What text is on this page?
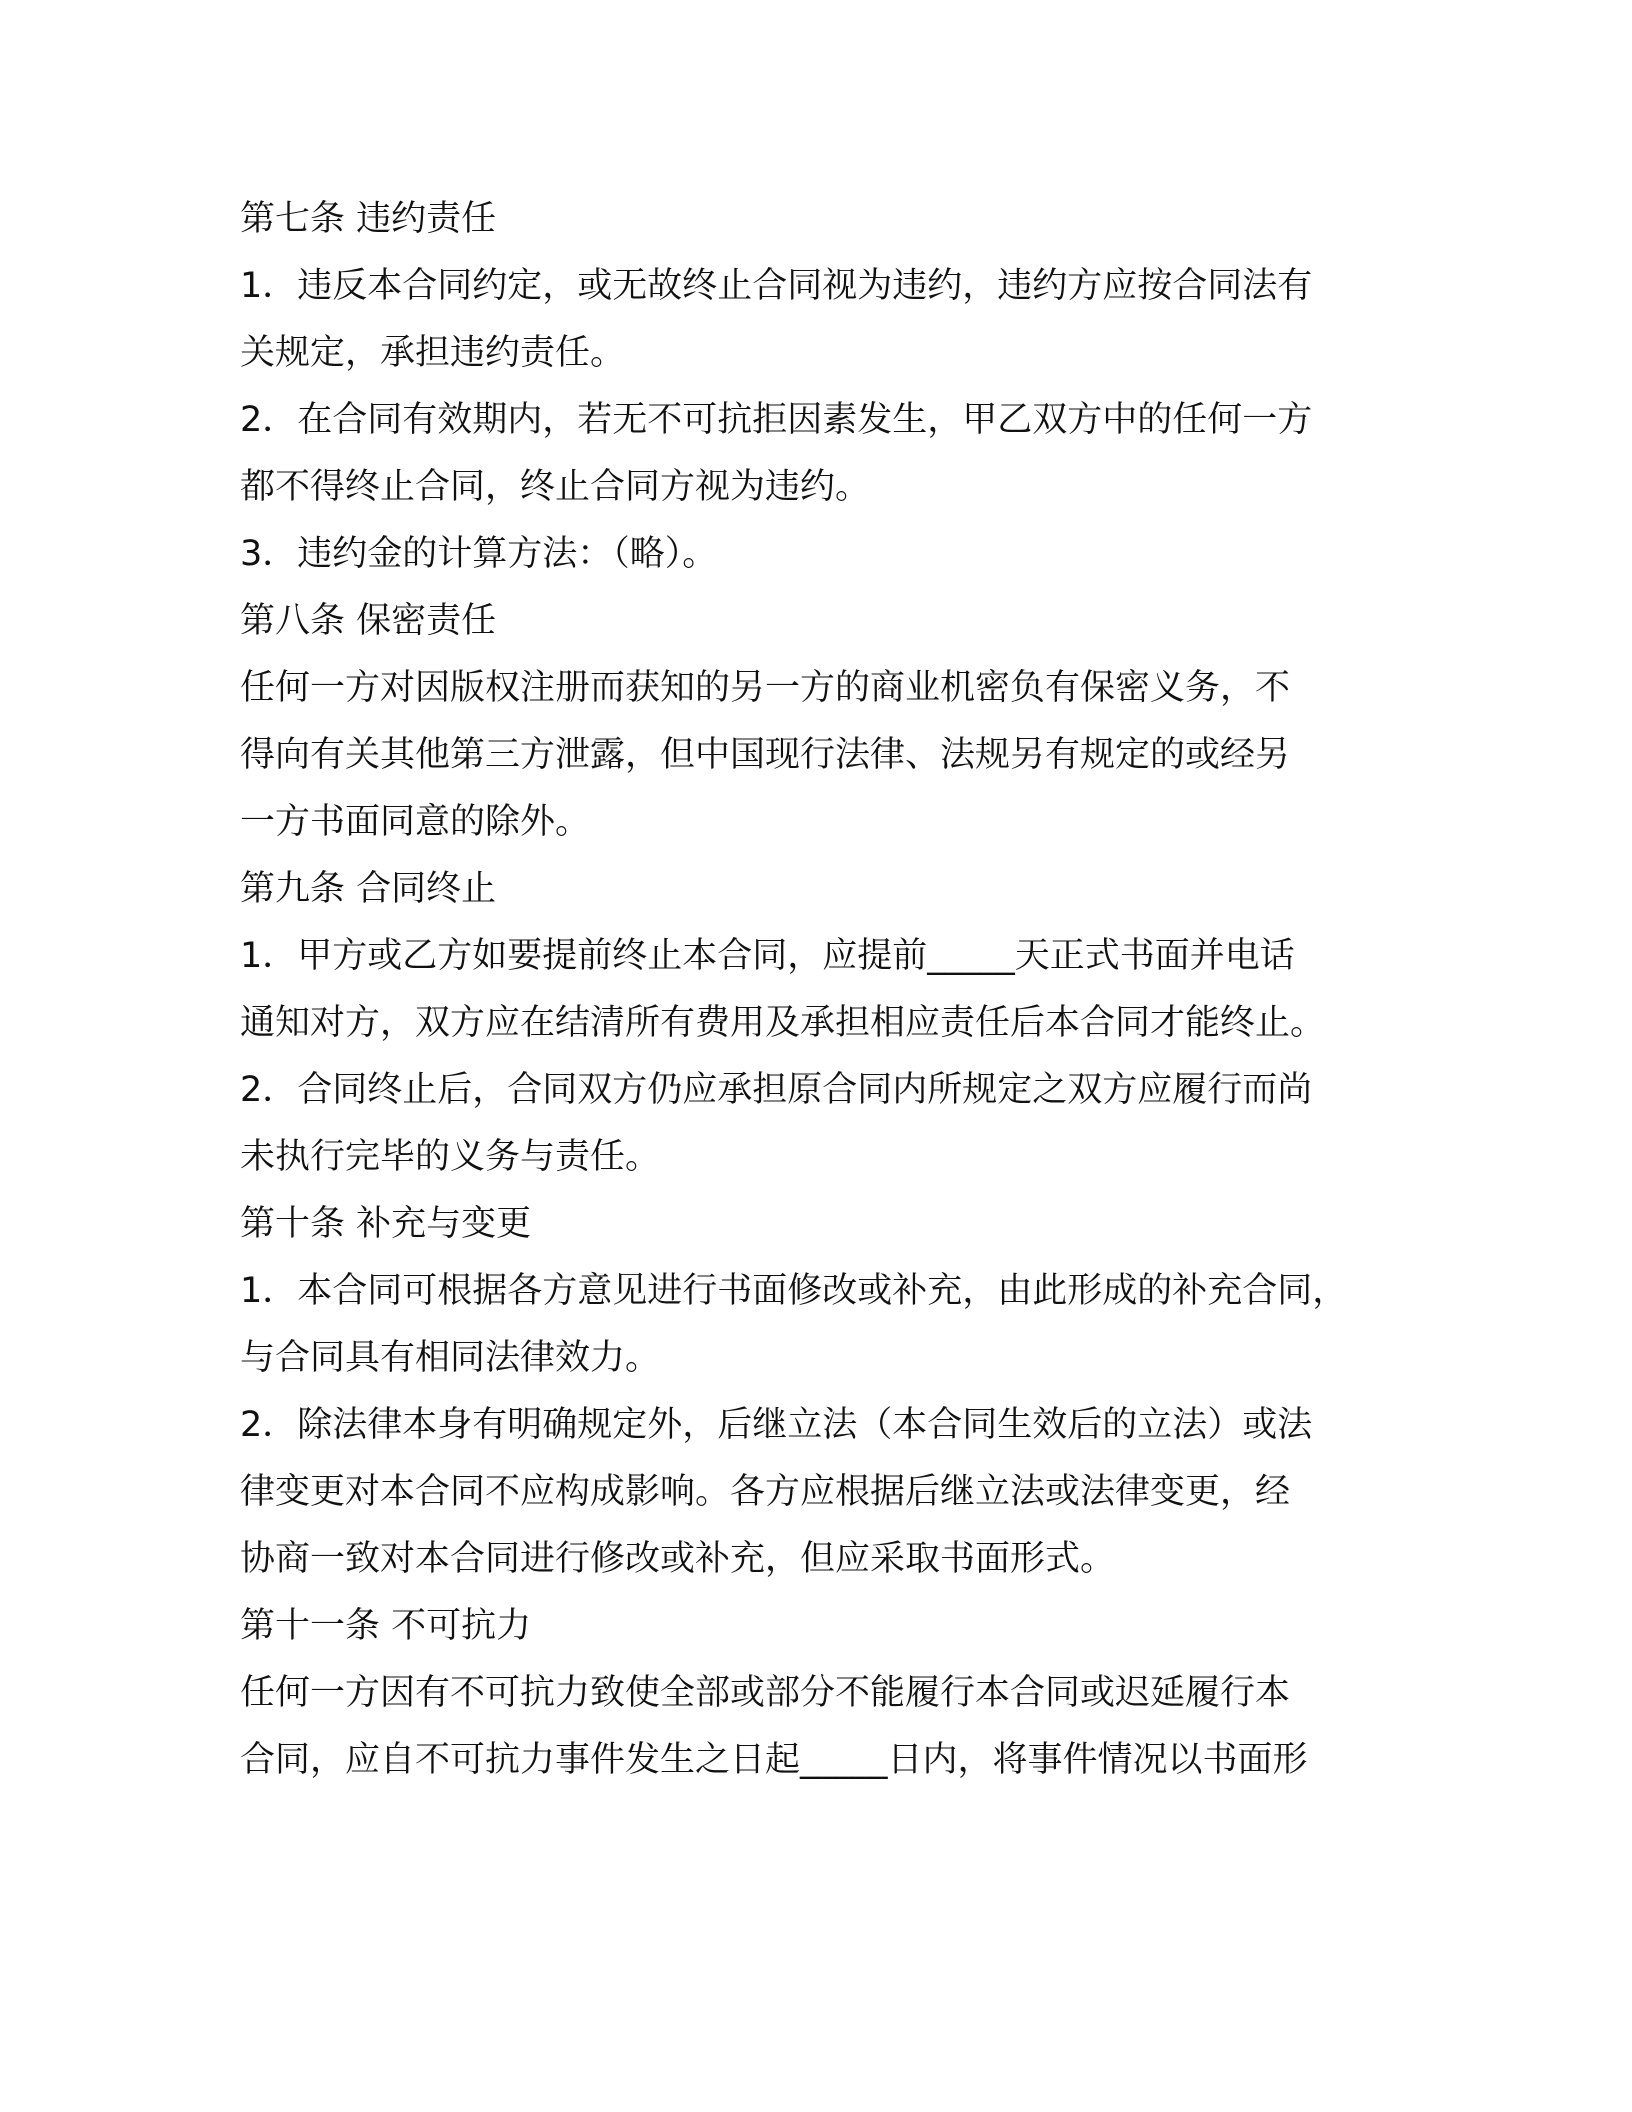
第七条 违约责任
1．违反本合同约定，或无故终止合同视为违约，违约方应按合同法有
关规定，承担违约责任。
2．在合同有效期内，若无不可抗拒因素发生，甲乙双方中的任何一方
都不得终止合同，终止合同方视为违约。
3．违约金的计算方法：（略）。
第八条 保密责任
任何一方对因版权注册而获知的另一方的商业机密负有保密义务，不
得向有关其他第三方泄露，但中国现行法律、法规另有规定的或经另
一方书面同意的除外。
第九条 合同终止
1．甲方或乙方如要提前终止本合同，应提前_____天正式书面并电话
通知对方，双方应在结清所有费用及承担相应责任后本合同才能终止。
2．合同终止后，合同双方仍应承担原合同内所规定之双方应履行而尚
未执行完毕的义务与责任。
第十条 补充与变更
1．本合同可根据各方意见进行书面修改或补充，由此形成的补充合同，
与合同具有相同法律效力。
2．除法律本身有明确规定外，后继立法（本合同生效后的立法）或法
律变更对本合同不应构成影响。各方应根据后继立法或法律变更，经
协商一致对本合同进行修改或补充，但应采取书面形式。
第十一条 不可抗力
任何一方因有不可抗力致使全部或部分不能履行本合同或迟延履行本
合同，应自不可抗力事件发生之日起_____日内，将事件情况以书面形
